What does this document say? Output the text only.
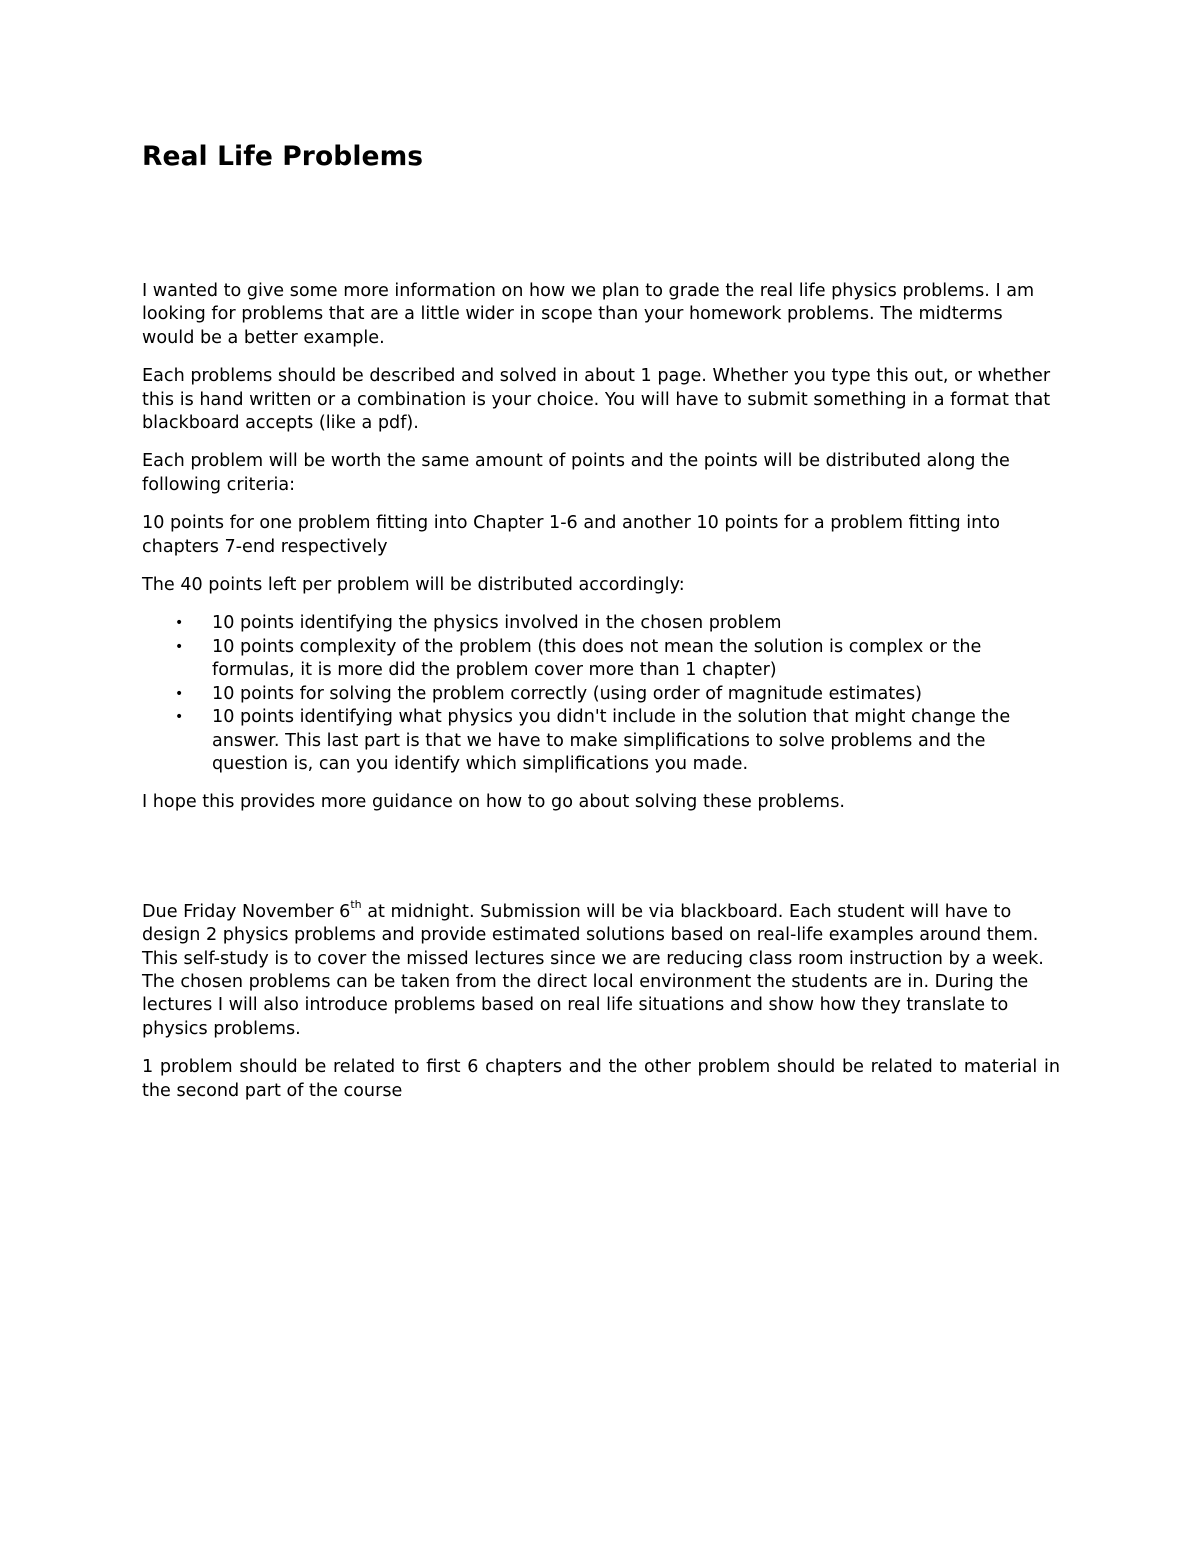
Real Life Problems

I wanted to give some more information on how we plan to grade the real life physics problems. I am looking for problems that are a little wider in scope than your homework problems. The midterms would be a better example.

Each problems should be described and solved in about 1 page. Whether you type this out, or whether this is hand written or a combination is your choice. You will have to submit something in a format that blackboard accepts (like a pdf).

Each problem will be worth the same amount of points and the points will be distributed along the following criteria:

10 points for one problem fitting into Chapter 1-6 and another 10 points for a problem fitting into chapters 7-end respectively

The 40 points left per problem will be distributed accordingly:

• 10 points identifying the physics involved in the chosen problem
• 10 points complexity of the problem (this does not mean the solution is complex or the formulas, it is more did the problem cover more than 1 chapter)
• 10 points for solving the problem correctly (using order of magnitude estimates)
• 10 points identifying what physics you didn't include in the solution that might change the answer. This last part is that we have to make simplifications to solve problems and the question is, can you identify which simplifications you made.

I hope this provides more guidance on how to go about solving these problems.

Due Friday November 6th at midnight. Submission will be via blackboard. Each student will have to design 2 physics problems and provide estimated solutions based on real-life examples around them. This self-study is to cover the missed lectures since we are reducing class room instruction by a week. The chosen problems can be taken from the direct local environment the students are in. During the lectures I will also introduce problems based on real life situations and show how they translate to physics problems.

1 problem should be related to first 6 chapters and the other problem should be related to material in the second part of the course
